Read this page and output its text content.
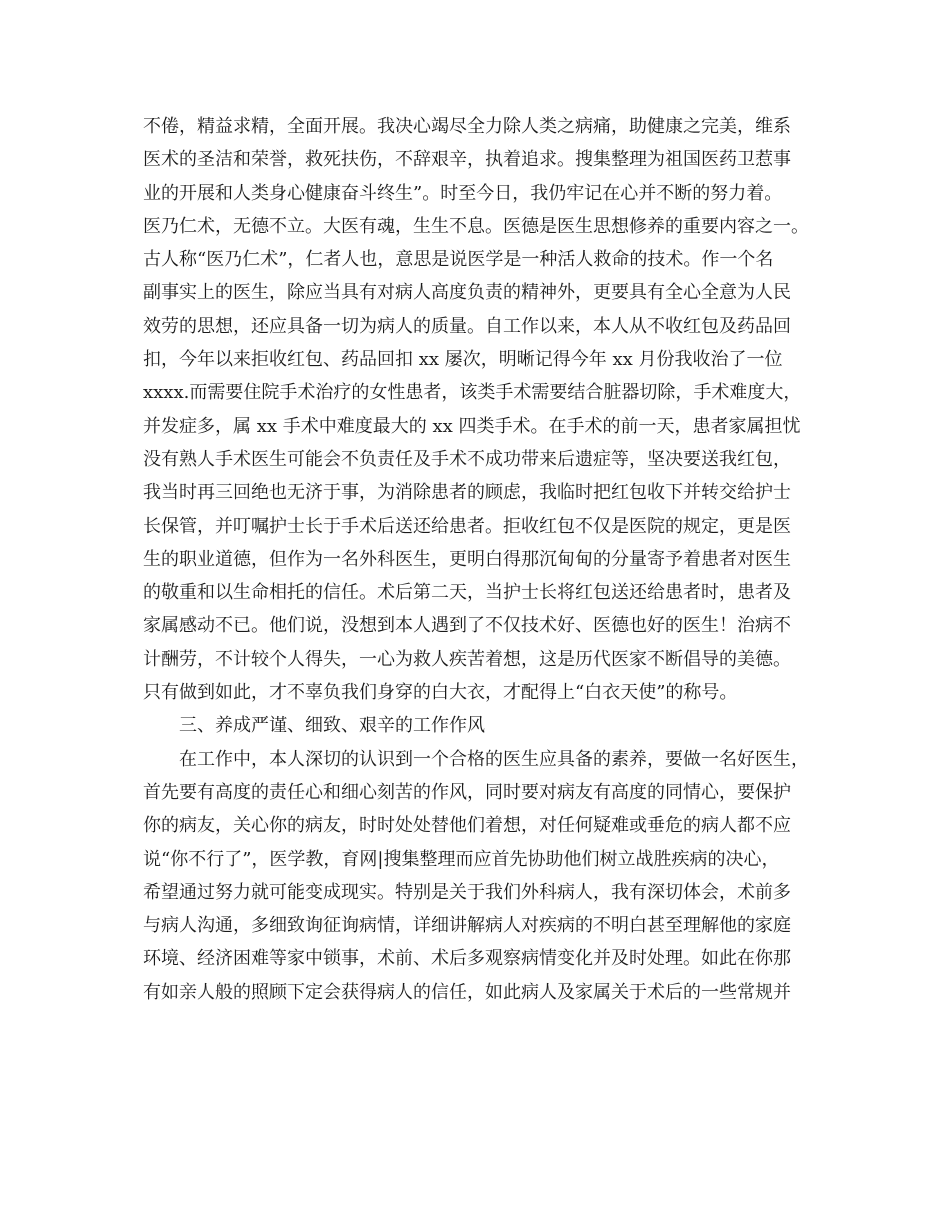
不倦，精益求精，全面开展。我决心竭尽全力除人类之病痛，助健康之完美，维系
医术的圣洁和荣誉，救死扶伤，不辞艰辛，执着追求。搜集整理为祖国医药卫惹事
业的开展和人类身心健康奋斗终生”。时至今日，我仍牢记在心并不断的努力着。
医乃仁术，无德不立。大医有魂，生生不息。医德是医生思想修养的重要内容之一。
古人称“医乃仁术”，仁者人也，意思是说医学是一种活人救命的技术。作一个名
副事实上的医生，除应当具有对病人高度负责的精神外，更要具有全心全意为人民
效劳的思想，还应具备一切为病人的质量。自工作以来，本人从不收红包及药品回
扣，今年以来拒收红包、药品回扣 xx 屡次，明晰记得今年 xx 月份我收治了一位
xxxx.而需要住院手术治疗的女性患者，该类手术需要结合脏器切除，手术难度大，
并发症多，属 xx 手术中难度最大的 xx 四类手术。在手术的前一天，患者家属担忧
没有熟人手术医生可能会不负责任及手术不成功带来后遗症等，坚决要送我红包，
我当时再三回绝也无济于事，为消除患者的顾虑，我临时把红包收下并转交给护士
长保管，并叮嘱护士长于手术后送还给患者。拒收红包不仅是医院的规定，更是医
生的职业道德，但作为一名外科医生，更明白得那沉甸甸的分量寄予着患者对医生
的敬重和以生命相托的信任。术后第二天，当护士长将红包送还给患者时，患者及
家属感动不已。他们说，没想到本人遇到了不仅技术好、医德也好的医生！治病不
计酬劳，不计较个人得失，一心为救人疾苦着想，这是历代医家不断倡导的美德。
只有做到如此，才不辜负我们身穿的白大衣，才配得上“白衣天使”的称号。
三、养成严谨、细致、艰辛的工作作风
在工作中，本人深切的认识到一个合格的医生应具备的素养，要做一名好医生，
首先要有高度的责任心和细心刻苦的作风，同时要对病友有高度的同情心，要保护
你的病友，关心你的病友，时时处处替他们着想，对任何疑难或垂危的病人都不应
说“你不行了”，医学教，育网|搜集整理而应首先协助他们树立战胜疾病的决心，
希望通过努力就可能变成现实。特别是关于我们外科病人，我有深切体会，术前多
与病人沟通，多细致询征询病情，详细讲解病人对疾病的不明白甚至理解他的家庭
环境、经济困难等家中锁事，术前、术后多观察病情变化并及时处理。如此在你那
有如亲人般的照顾下定会获得病人的信任，如此病人及家属关于术后的一些常规并
